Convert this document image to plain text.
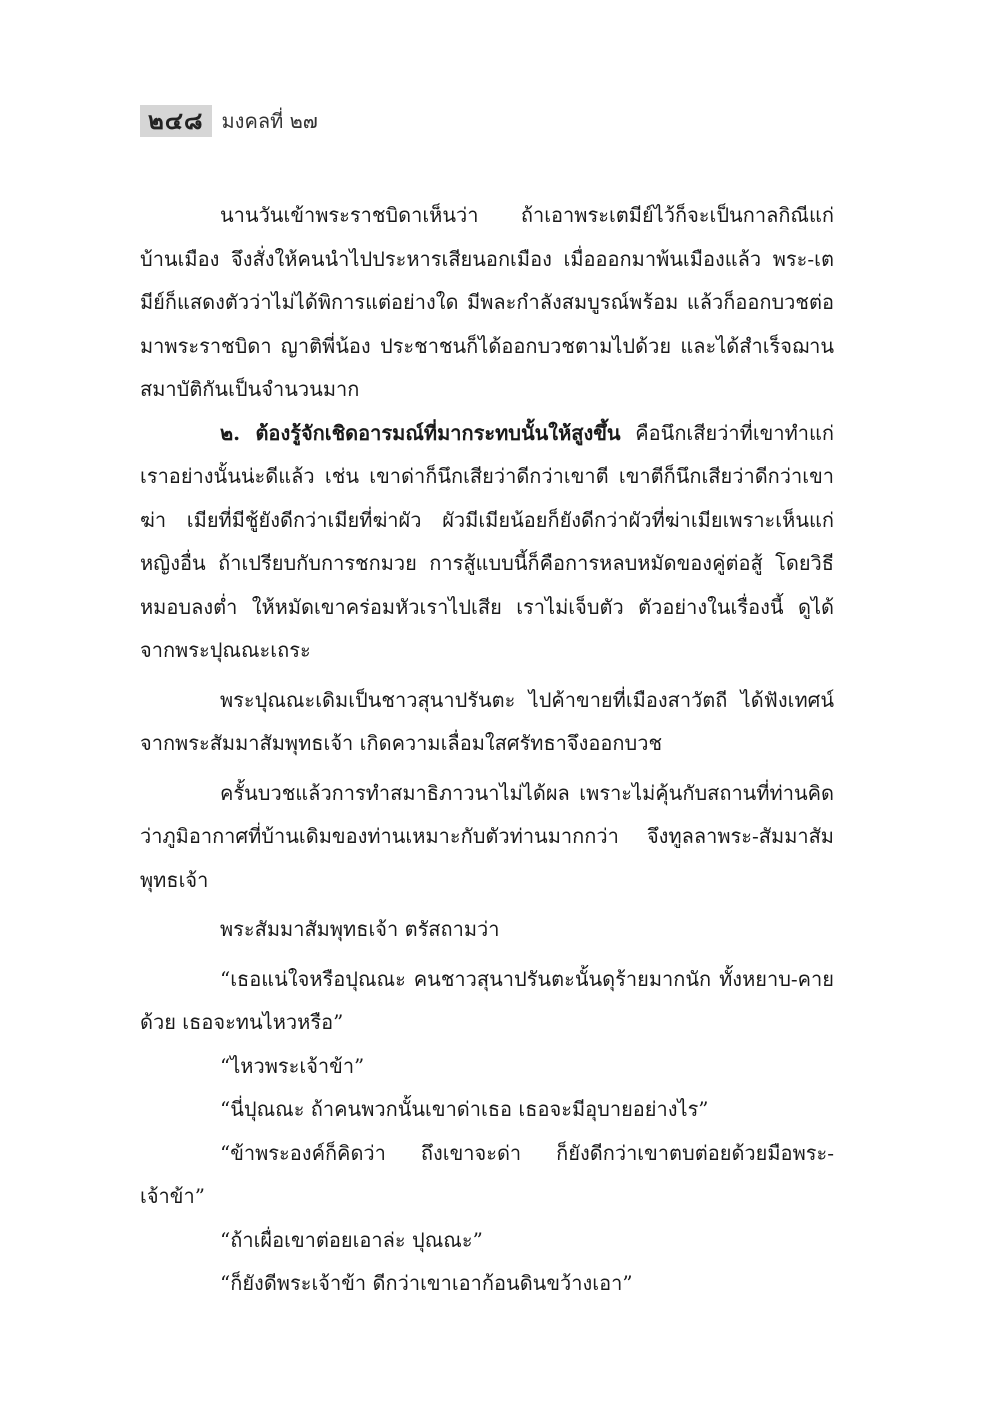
๒๔๘ มงคลที่ ๒๗

นานวันเข้าพระราชบิดาเห็นว่า ถ้าเอาพระเตมีย์ไว้ก็จะเป็นกาลกิณีแก่บ้านเมือง จึงสั่งให้คนนำไปประหารเสียนอกเมือง เมื่อออกมาพ้นเมืองแล้ว พระ-เตมีย์ก็แสดงตัวว่าไม่ได้พิการแต่อย่างใด มีพละกำลังสมบูรณ์พร้อม แล้วก็ออกบวชต่อมาพระราชบิดา ญาติพี่น้อง ประชาชนก็ได้ออกบวชตามไปด้วย และได้สำเร็จฌานสมาบัติกันเป็นจำนวนมาก

๒. ต้องรู้จักเชิดอารมณ์ที่มากระทบนั้นให้สูงขึ้น คือนึกเสียว่าที่เขาทำแก่เราอย่างนั้นน่ะดีแล้ว เช่น เขาด่าก็นึกเสียว่าดีกว่าเขาตี เขาตีก็นึกเสียว่าดีกว่าเขาฆ่า เมียที่มีชู้ยังดีกว่าเมียที่ฆ่าผัว ผัวมีเมียน้อยก็ยังดีกว่าผัวที่ฆ่าเมียเพราะเห็นแก่หญิงอื่น ถ้าเปรียบกับการชกมวย การสู้แบบนี้ก็คือการหลบหมัดของคู่ต่อสู้ โดยวิธีหมอบลงต่ำ ให้หมัดเขาคร่อมหัวเราไปเสีย เราไม่เจ็บตัว ตัวอย่างในเรื่องนี้ ดูได้จากพระปุณณะเถระ

พระปุณณะเดิมเป็นชาวสุนาปรันตะ ไปค้าขายที่เมืองสาวัตถี ได้ฟังเทศน์จากพระสัมมาสัมพุทธเจ้า เกิดความเลื่อมใสศรัทธาจึงออกบวช

ครั้นบวชแล้วการทำสมาธิภาวนาไม่ได้ผล เพราะไม่คุ้นกับสถานที่ท่านคิดว่าภูมิอากาศที่บ้านเดิมของท่านเหมาะกับตัวท่านมากกว่า จึงทูลลาพระ-สัมมาสัมพุทธเจ้า

พระสัมมาสัมพุทธเจ้า ตรัสถามว่า

“เธอแน่ใจหรือปุณณะ คนชาวสุนาปรันตะนั้นดุร้ายมากนัก ทั้งหยาบ-คายด้วย เธอจะทนไหวหรือ”

“ไหวพระเจ้าข้า”

“นี่ปุณณะ ถ้าคนพวกนั้นเขาด่าเธอ เธอจะมีอุบายอย่างไร”

“ข้าพระองค์ก็คิดว่า ถึงเขาจะด่า ก็ยังดีกว่าเขาตบต่อยด้วยมือพระ-เจ้าข้า”

“ถ้าเผื่อเขาต่อยเอาล่ะ ปุณณะ”

“ก็ยังดีพระเจ้าข้า ดีกว่าเขาเอาก้อนดินขว้างเอา”
